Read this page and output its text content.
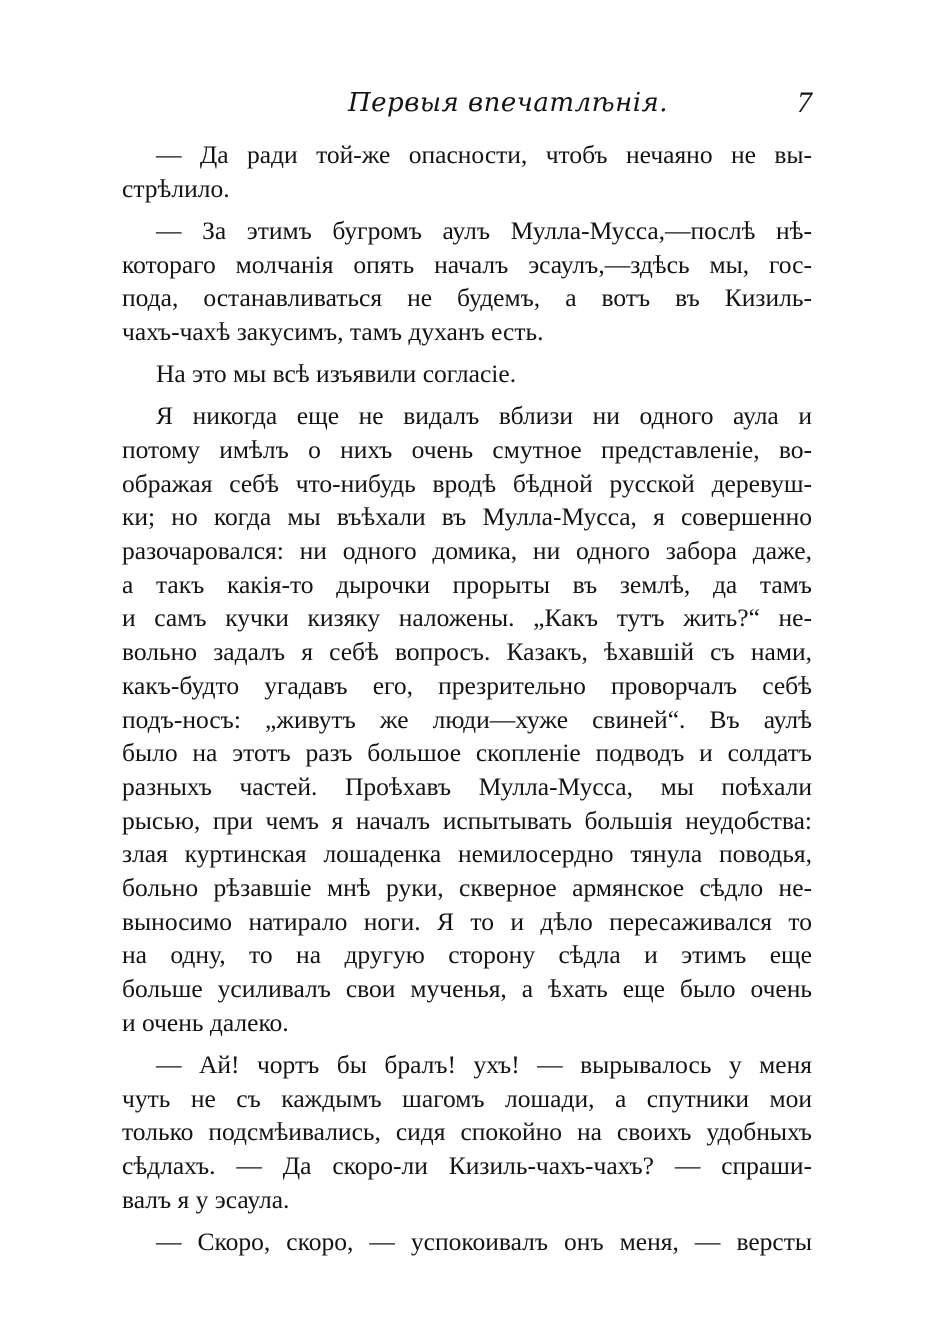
Первыя впечатлѣнія.	7
— Да ради той-же опасности, чтобъ нечаяно не вы-
стрѣлило.
— За этимъ бугромъ аулъ Мулла-Мусса,—послѣ нѣ-
котораго молчанія опять началъ эсаулъ,—здѣсь мы, гос-
пода, останавливаться не будемъ, а вотъ въ Кизиль-
чахъ-чахѣ закусимъ, тамъ духанъ есть.
На это мы всѣ изъявили согласіе.
Я никогда еще не видалъ вблизи ни одного аула и
потому имѣлъ о нихъ очень смутное представленіе, во-
ображая себѣ что-нибудь вродѣ бѣдной русской деревуш-
ки; но когда мы въѣхали въ Мулла-Мусса, я совершенно
разочаровался: ни одного домика, ни одного забора даже,
а такъ какія-то дырочки прорыты въ землѣ, да тамъ
и самъ кучки кизяку наложены. „Какъ тутъ жить?“ не-
вольно задалъ я себѣ вопросъ. Казакъ, ѣхавшій съ нами,
какъ-будто угадавъ его, презрительно проворчалъ себѣ
подъ-носъ: „живутъ же люди—хуже свиней“. Въ аулѣ
было на этотъ разъ большое скопленіе подводъ и солдатъ
разныхъ частей. Проѣхавъ Мулла-Мусса, мы поѣхали
рысью, при чемъ я началъ испытывать большія неудобства:
злая куртинская лошаденка немилосердно тянула поводья,
больно рѣзавшіе мнѣ руки, скверное армянское сѣдло не-
выносимо натирало ноги. Я то и дѣло пересаживался то
на одну, то на другую сторону сѣдла и этимъ еще
больше усиливалъ свои мученья, а ѣхать еще было очень
и очень далеко.
— Ай! чортъ бы бралъ! ухъ! — вырывалось у меня
чуть не съ каждымъ шагомъ лошади, а спутники мои
только подсмѣивались, сидя спокойно на своихъ удобныхъ
сѣдлахъ. — Да скоро-ли Кизиль-чахъ-чахъ? — спраши-
валъ я у эсаула.
— Скоро, скоро, — успокоивалъ онъ меня, — версты
